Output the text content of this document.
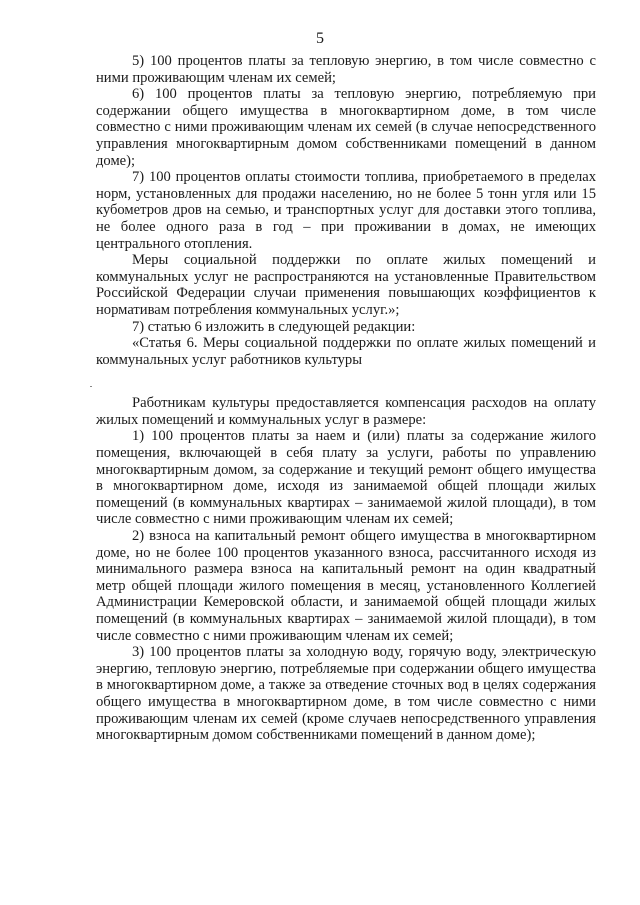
5

5) 100 процентов платы за тепловую энергию, в том числе совместно с ними проживающим членам их семей;

6) 100 процентов платы за тепловую энергию, потребляемую при содержании общего имущества в многоквартирном доме, в том числе совместно с ними проживающим членам их семей (в случае непосредственного управления многоквартирным домом собственниками помещений в данном доме);

7) 100 процентов оплаты стоимости топлива, приобретаемого в пределах норм, установленных для продажи населению, но не более 5 тонн угля или 15 кубометров дров на семью, и транспортных услуг для доставки этого топлива, не более одного раза в год – при проживании в домах, не имеющих центрального отопления.

Меры социальной поддержки по оплате жилых помещений и коммунальных услуг не распространяются на установленные Правительством Российской Федерации случаи применения повышающих коэффициентов к нормативам потребления коммунальных услуг.»;

7) статью 6 изложить в следующей редакции:

«Статья 6. Меры социальной поддержки по оплате жилых помещений и коммунальных услуг работников культуры

Работникам культуры предоставляется компенсация расходов на оплату жилых помещений и коммунальных услуг в размере:

1) 100 процентов платы за наем и (или) платы за содержание жилого помещения, включающей в себя плату за услуги, работы по управлению многоквартирным домом, за содержание и текущий ремонт общего имущества в многоквартирном доме, исходя из занимаемой общей площади жилых помещений (в коммунальных квартирах – занимаемой жилой площади), в том числе совместно с ними проживающим членам их семей;

2) взноса на капитальный ремонт общего имущества в многоквартирном доме, но не более 100 процентов указанного взноса, рассчитанного исходя из минимального размера взноса на капитальный ремонт на один квадратный метр общей площади жилого помещения в месяц, установленного Коллегией Администрации Кемеровской области, и занимаемой общей площади жилых помещений (в коммунальных квартирах – занимаемой жилой площади), в том числе совместно с ними проживающим членам их семей;

3) 100 процентов платы за холодную воду, горячую воду, электрическую энергию, тепловую энергию, потребляемые при содержании общего имущества в многоквартирном доме, а также за отведение сточных вод в целях содержания общего имущества в многоквартирном доме, в том числе совместно с ними проживающим членам их семей (кроме случаев непосредственного управления многоквартирным домом собственниками помещений в данном доме);
